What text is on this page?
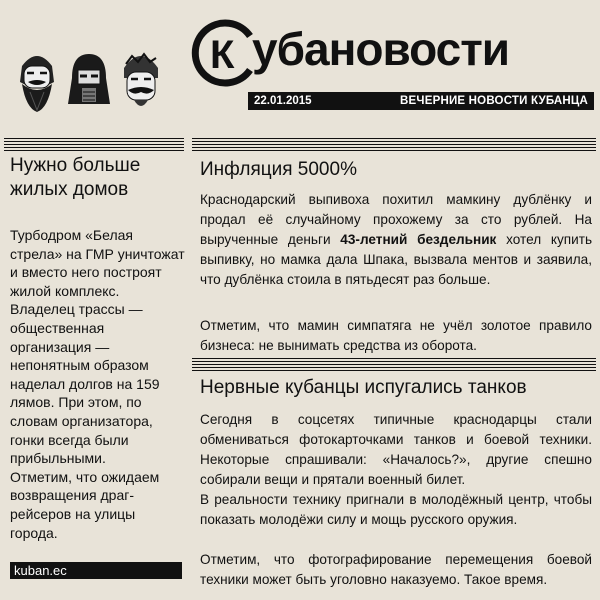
К убановости
22.01.2015	ВЕЧЕРНИЕ НОВОСТИ КУБАНЦА
Нужно больше жилых домов
Турбодром «Белая стрела» на ГМР уничтожат и вместо него построят жилой комплекс. Владелец трассы — общественная организация — непонятным образом наделал долгов на 159 лямов. При этом, по словам организатора, гонки всегда были прибыльными.
Отметим, что ожидаем возвращения драг-рейсеров на улицы города.
kuban.ec
Инфляция 5000%
Краснодарский выпивоха похитил мамкину дублёнку и продал её случайному прохожему за сто рублей. На вырученные деньги 43-летний бездельник хотел купить выпивку, но мамка дала Шпака, вызвала ментов и заявила, что дублёнка стоила в пятьдесят раз больше.
Отметим, что мамин симпатяга не учёл золотое правило бизнеса: не вынимать средства из оборота.
Нервные кубанцы испугались танков
Сегодня в соцсетях типичные краснодарцы стали обмениваться фотокарточками танков и боевой техники. Некоторые спрашивали: «Началось?», другие спешно собирали вещи и прятали военный билет.
В реальности технику пригнали в молодёжный центр, чтобы показать молодёжи силу и мощь русского оружия.
Отметим, что фотографирование перемещения боевой техники может быть уголовно наказуемо. Такое время.
